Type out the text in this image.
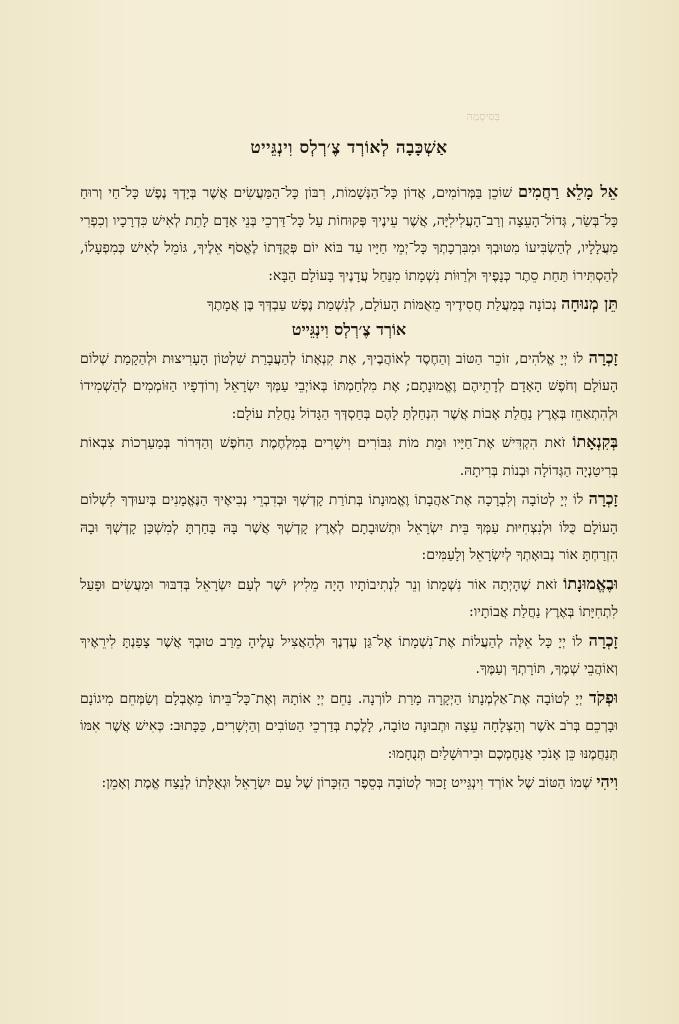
בְּסִיסְמָה
אַשְׁכָּבָה לְאוֹרְד צֶ׳רְלְס וִינְגֵּייט

אֵל מָלֵא רַחֲמִים שׁוֹכֵן בַּמְּרוֹמִים, אֲדוֹן כָּל־הַנְּשָׁמוֹת, רִבּוֹן כָּל־הַמַּעֲשִׂים אֲשֶׁר בְּיָדְךָ נֶפֶשׁ כָּל־חַי וְרוּחַ כָּל־בְּשַׂר, גְּדוֹל־הָעֵצָה וְרַב־הָעֲלִילִיָּה, אֲשֶׁר עֵינֶיךָ פְּקוּחוֹת עַל כָּל־דַּרְכֵי בְּנֵי אָדָם לָתֵת לְאִישׁ כִּדְרָכָיו וְכִפְרִי מַעֲלָלָיו, לְהַשְׂבִּיעוֹ מִטּוּבְךָ וּמִבִּרְכָתְךָ כָּל־יְמֵי חַיָּיו עַד בּוֹא יוֹם פְּקֻדָּתוֹ לֶאֱסֹף אֵלֶיךָ, גּוֹמֵל לְאִישׁ כְּמִפְעָלוֹ, לְהַסְתִּירוֹ תַּחַת סֵתֶר כְּנָפֶיךָ וּלְרַוּוֹת נִשְׁמָתוֹ מִנַּחַל עֲדָנֶיךָ בָּעוֹלָם הַבָּא:

תֵּן מְנוּחָה נְכוֹנָה בְּמַעֲלַת חֲסִידֶיךָ מֵאֻמּוֹת הָעוֹלָם, לְנִשְׁמַת נֶפֶשׁ עַבְדְּךָ בֶּן אֲמָתֶךָ

אוֹרְד צֶ׳רְלְס וִינְגֵּייט

זָכְרָה לוֹ יְיָ אֱלֹהִים, זוֹכֵר הַטּוֹב וְהַחֶסֶד לְאוֹהֲבֶיךָ, אֶת קִנְאָתוֹ לְהַעֲבָרַת שִׁלְטוֹן הָעָרִיצוּת וּלְהַקָמַת שְׁלוֹם הָעוֹלָם וְחֹפֶשׁ הָאָדָם לְדָתֵיהֶם וֶאֱמוּנָתָם; אֶת מִלְחַמְתּוֹ בְּאוֹיְבֵי עַמְּךָ יִשְׂרָאֵל וְרוֹדְפָיו הַזּוֹמְמִים לְהַשְׁמִידוֹ וּלְהִתְאַחֵז בְּאֶרֶץ נַחֲלַת אָבוֹת אֲשֶׁר הִנְחַלְתָּ לָהֶם בְּחַסְדְּךָ הַגָּדוֹל נַחֲלַת עוֹלָם:

בְּקִנְאָתוֹ זֹאת הִקְדִּישׁ אֶת־חַיָּיו וּמֵת מוֹת גִּבּוֹרִים וִישָׁרִים בְּמִלְחֶמֶת הַחֹפֶשׁ וְהַדְּרוֹר בְּמַעַרְכוֹת צִבְאוֹת בְּרִיטַנְיָה הַגְּדוֹלָה וּבְנוֹת בְּרִיתָהּ.

זָכְרָה לוֹ יְיָ לְטוֹבָה וְלִבְרָכָה אֶת־אַהֲבָתוֹ וֶאֱמוּנָתוֹ בְּתוֹרַת קָדְשְׁךָ וּבְדִבְרֵי נְבִיאֶיךָ הַנֶּאֱמָנִים בְּיִעוּדְךָ לִשְׁלוֹם הָעוֹלָם כֻּלּוֹ וּלְנִצְחִיּוּת עַמְּךָ בֵּית יִשְׂרָאֵל וּתְשׁוּבָתָם לְאֶרֶץ קָדְשְׁךָ אֲשֶׁר בָּהּ בָּחַרְתָּ לְמִשְׁכַּן קָדְשְׁךָ וּבָהּ הִזְרַחְתָּ אוֹר נְבוּאָתְךָ לְיִשְׂרָאֵל וְלָעַמִּים:

וּבֶאֱמוּנָתוֹ זֹאת שֶׁהָיְתָה אוֹר נִשְׁמָתוֹ וְנֵר לִנְתִיבוֹתָיו הָיָה מֵלִיץ יֹשֶׁר לְעַם יִשְׂרָאֵל בְּדִבּוּר וּמַעֲשִׂים וּפָעַל לִתְחִיָּתוֹ בְּאֶרֶץ נַחֲלַת אֲבוֹתָיו:

זָכְרָה לוֹ יְיָ כָּל אֵלֶּה לְהַעֲלוֹת אֶת־נִשְׁמָתוֹ אֶל־גַּן עֶדְנֶךָ וּלְהַאֲצִיל עָלֶיהָ מֵרַב טוּבְךָ אֲשֶׁר צָפַנְתָּ לִירֵאֶיךָ וְאוֹהֲבֵי שְׁמֶךָ, תּוֹרָתְךָ וְעַמֶּךָ.

וּפְקֹד יְיָ לְטוֹבָה אֶת־אַלְמְנָתוֹ הַיְקָרָה מָרַת לוֹרְנָה. נַחֵם יְיָ אוֹתָהּ וְאֶת־כָּל־בֵּיתוֹ מֵאֶבְלָם וְשַׂמְּחֵם מִיגוֹנָם וּבָרְכֵם בְּרֹב אֹשֶׁר וְהַצְלָחָה עֵצָה וּתְבוּנָה טוֹבָה, לָלֶכֶת בְּדַרְכֵי הַטּוֹבִים וְהַיְשָׁרִים, כַּכָּתוּב: כְּאִישׁ אֲשֶׁר אִמּוֹ תְּנַחֲמֶנּוּ כֵּן אָנֹכִי אֲנַחֶמְכֶם וּבִירוּשָׁלַיִם תְּנֻחָמוּ:

וִיהִי שְׁמוֹ הַטּוֹב שֶׁל אוֹרְד וִינְגֵּייט זָכוּר לְטוֹבָה בְּסֵפֶר הַזִּכָּרוֹן שֶׁל עַם יִשְׂרָאֵל וּגְאֻלָּתוֹ לְנֵצַח אֱמֶת וְאָמֵן:
